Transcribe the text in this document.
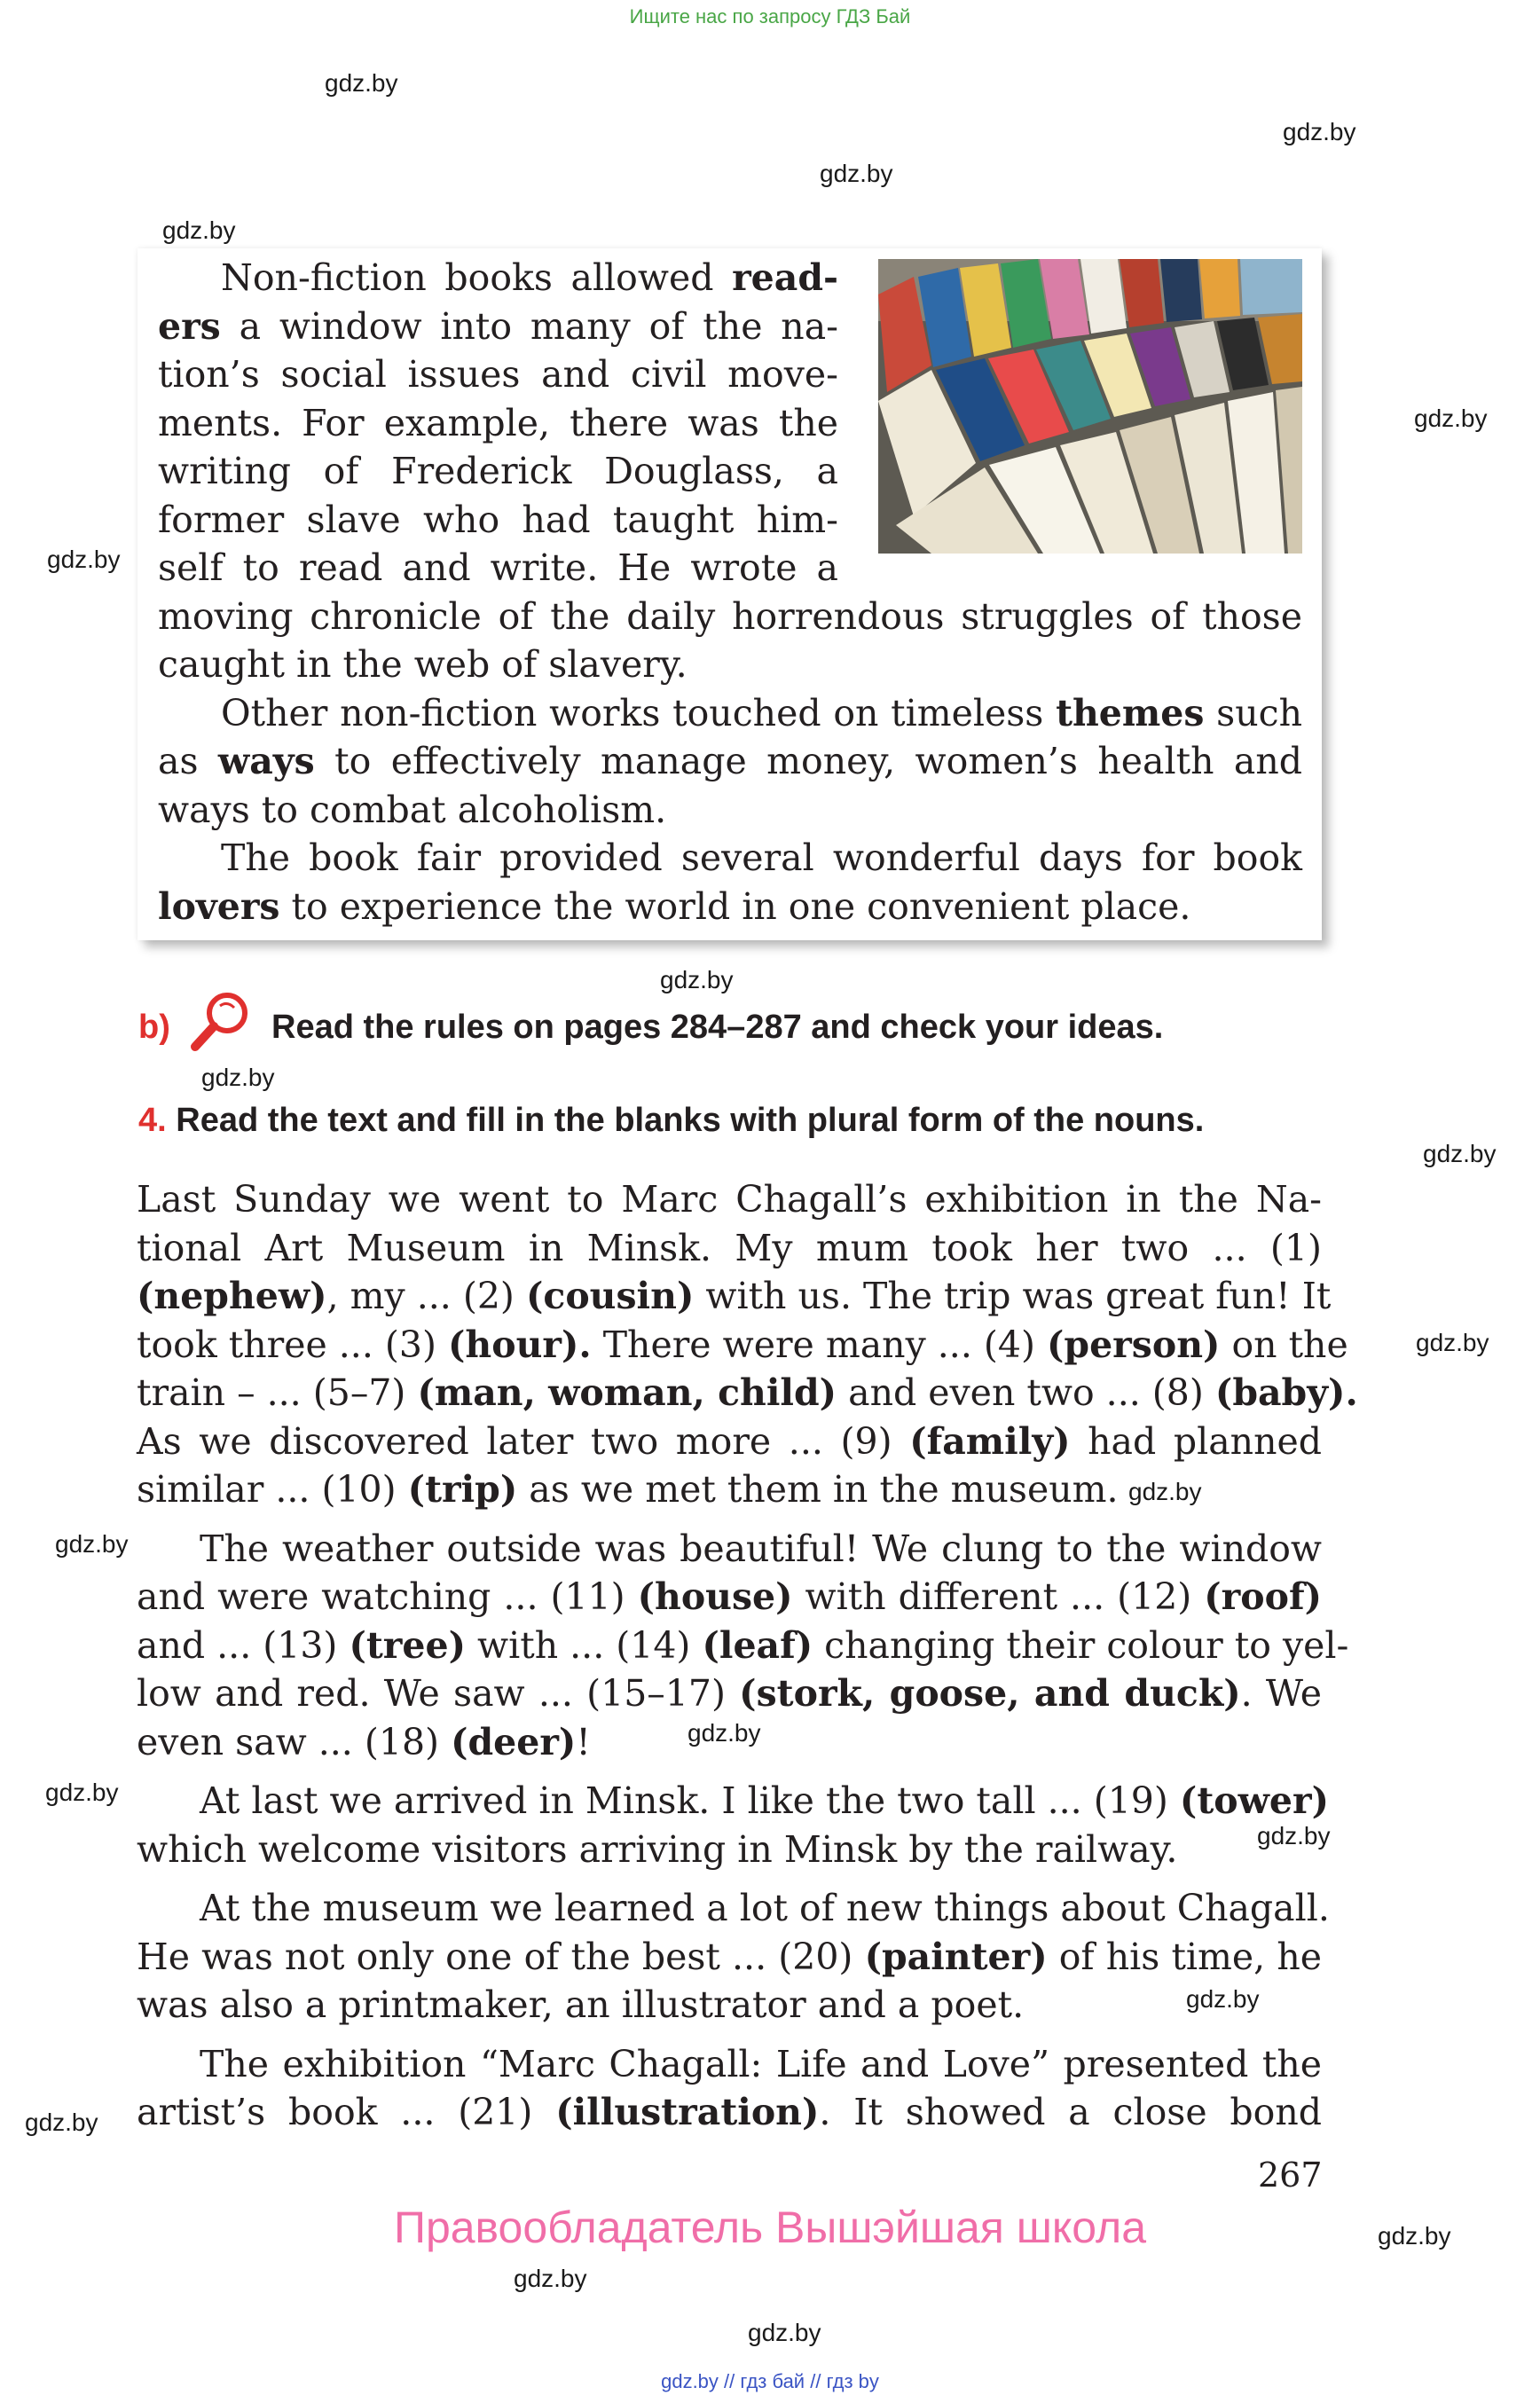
Ищите нас по запросу ГДЗ Бай
gdz.by
gdz.by
gdz.by
gdz.by
gdz.by
gdz.by
gdz.by
gdz.by
gdz.by
gdz.by
gdz.by
gdz.by
gdz.by
gdz.by
gdz.by
gdz.by
gdz.by
gdz.by
gdz.by
gdz.by
Non-fiction books allowed read-
ers a window into many of the na-
tion’s social issues and civil move-
ments. For example, there was the
writing of Frederick Douglass, a
former slave who had taught him-
self to read and write. He wrote a
moving chronicle of the daily horrendous struggles of those
caught in the web of slavery.
Other non-fiction works touched on timeless themes such
as ways to effectively manage money, women’s health and
ways to combat alcoholism.
The book fair provided several wonderful days for book
lovers to experience the world in one convenient place.
b)	Read the rules on pages 284–287 and check your ideas.
4. Read the text and fill in the blanks with plural form of the nouns.
Last Sunday we went to Marc Chagall’s exhibition in the Na-
tional Art Museum in Minsk. My mum took her two ... (1)
(nephew), my ... (2) (cousin) with us. The trip was great fun! It
took three ... (3) (hour). There were many ... (4) (person) on the
train – ... (5–7) (man, woman, child) and even two ... (8) (baby).
As we discovered later two more ... (9) (family) had planned
similar ... (10) (trip) as we met them in the museum.
The weather outside was beautiful! We clung to the window
and were watching ... (11) (house) with different ... (12) (roof)
and ... (13) (tree) with ... (14) (leaf) changing their colour to yel-
low and red. We saw ... (15–17) (stork, goose, and duck). We
even saw ... (18) (deer)!
At last we arrived in Minsk. I like the two tall ... (19) (tower)
which welcome visitors arriving in Minsk by the railway.
At the museum we learned a lot of new things about Chagall.
He was not only one of the best ... (20) (painter) of his time, he
was also a printmaker, an illustrator and a poet.
The exhibition “Marc Chagall: Life and Love” presented the
artist’s book ... (21) (illustration). It showed a close bond
267
Правообладатель Вышэйшая школа
gdz.by // гдз бай // гдз by
